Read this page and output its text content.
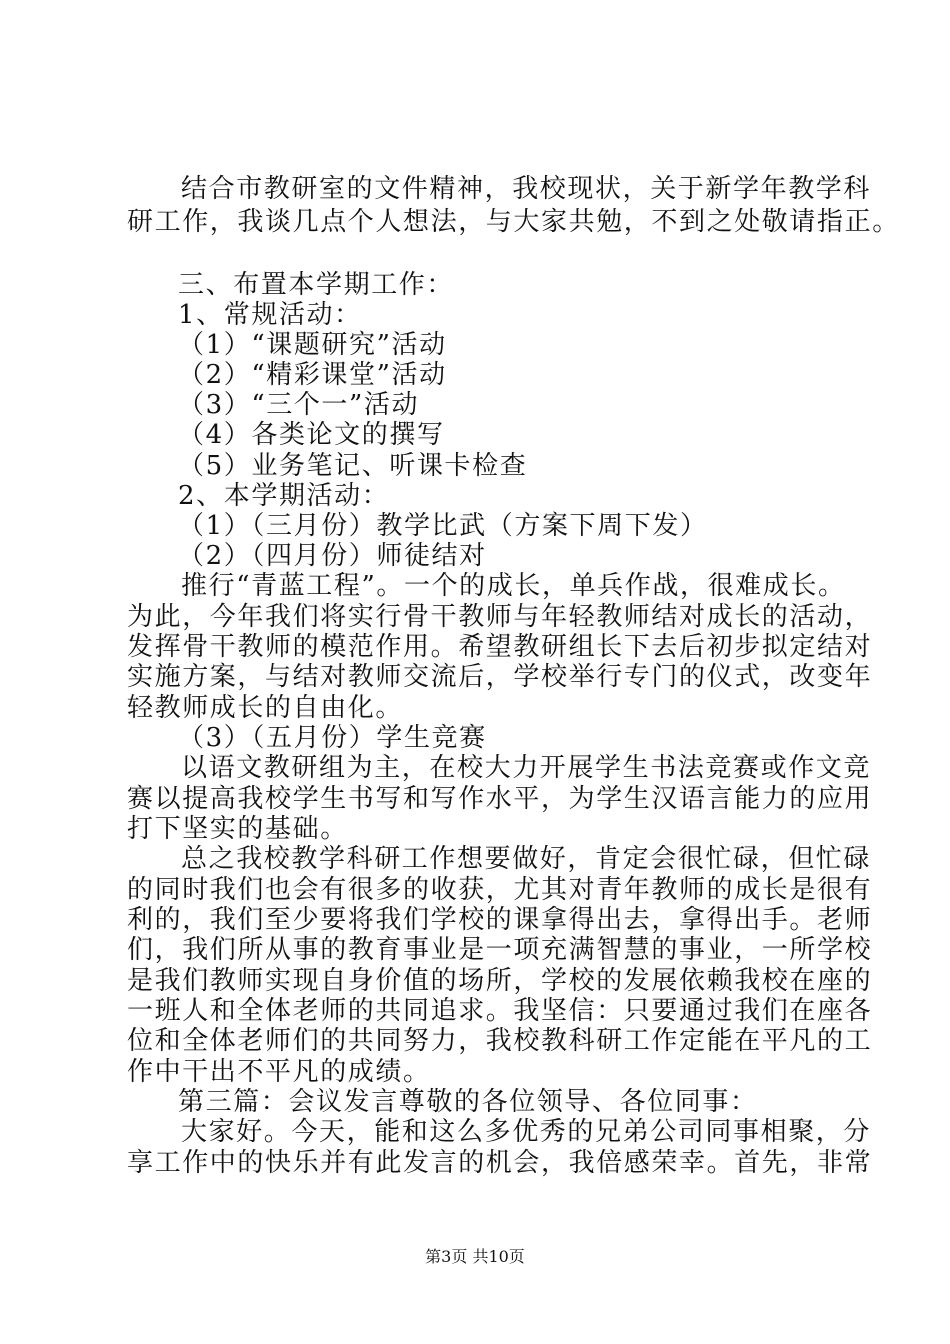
结合市教研室的文件精神，我校现状，关于新学年教学科
研工作，我谈几点个人想法，与大家共勉，不到之处敬请指正。
三、布置本学期工作：
1、常规活动：
（1）“课题研究”活动
（2）“精彩课堂”活动
（3）“三个一”活动
（4）各类论文的撰写
（5）业务笔记、听课卡检查
2、本学期活动：
（1）（三月份）教学比武（方案下周下发）
（2）（四月份）师徒结对
推行“青蓝工程”。一个的成长，单兵作战，很难成长。
为此，今年我们将实行骨干教师与年轻教师结对成长的活动，
发挥骨干教师的模范作用。希望教研组长下去后初步拟定结对
实施方案，与结对教师交流后，学校举行专门的仪式，改变年
轻教师成长的自由化。
（3）（五月份）学生竞赛
以语文教研组为主，在校大力开展学生书法竞赛或作文竞
赛以提高我校学生书写和写作水平，为学生汉语言能力的应用
打下坚实的基础。
总之我校教学科研工作想要做好，肯定会很忙碌，但忙碌
的同时我们也会有很多的收获，尤其对青年教师的成长是很有
利的，我们至少要将我们学校的课拿得出去，拿得出手。老师
们，我们所从事的教育事业是一项充满智慧的事业，一所学校
是我们教师实现自身价值的场所，学校的发展依赖我校在座的
一班人和全体老师的共同追求。我坚信：只要通过我们在座各
位和全体老师们的共同努力，我校教科研工作定能在平凡的工
作中干出不平凡的成绩。
第三篇：会议发言尊敬的各位领导、各位同事：
大家好。今天，能和这么多优秀的兄弟公司同事相聚，分
享工作中的快乐并有此发言的机会，我倍感荣幸。首先，非常
第3页 共10页
